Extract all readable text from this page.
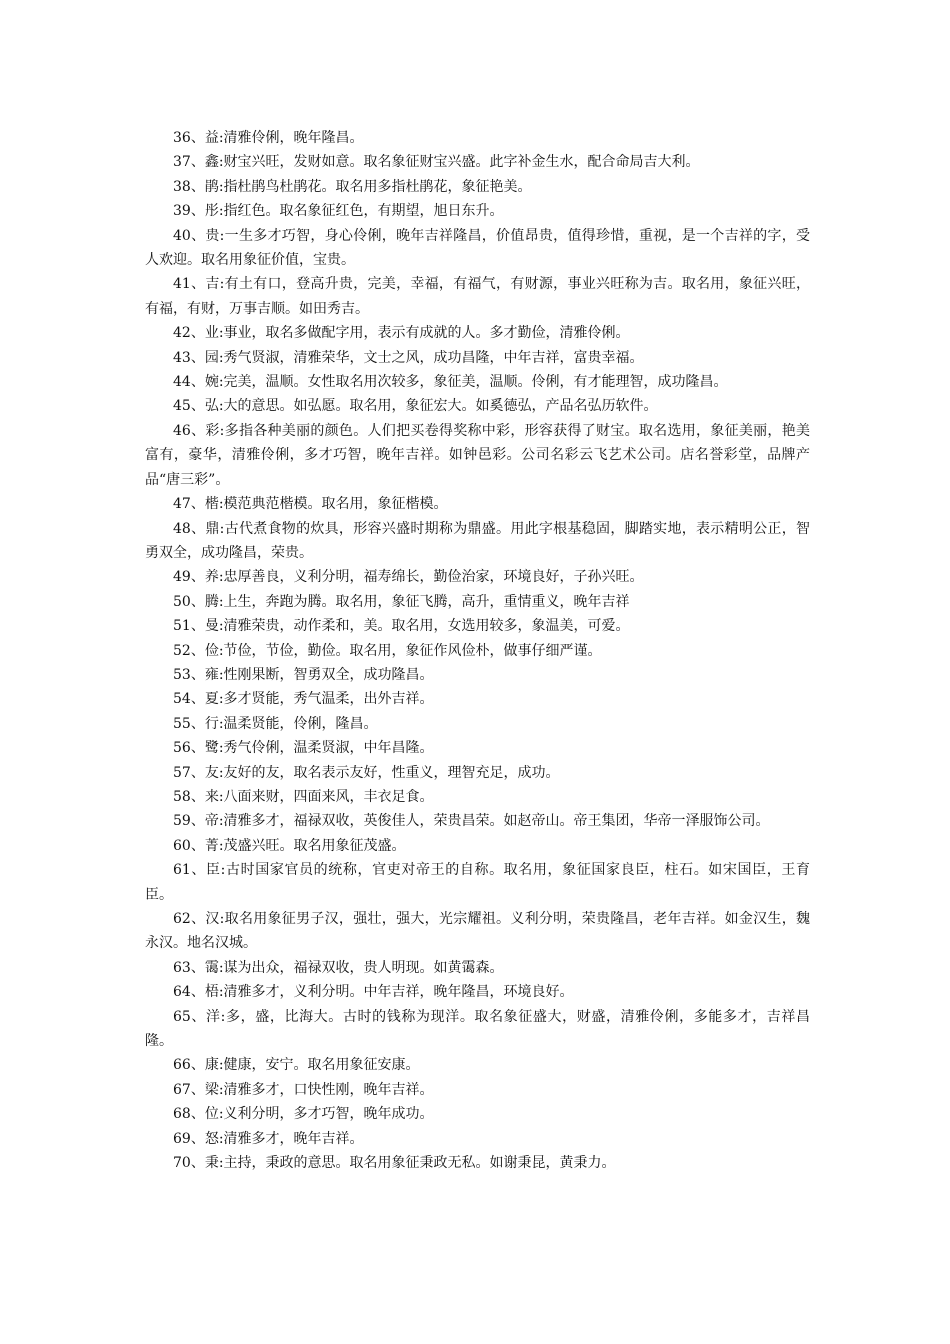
36、益:清雅伶俐，晚年隆昌。

37、鑫:财宝兴旺，发财如意。取名象征财宝兴盛。此字补金生水，配合命局吉大利。

38、鹃:指杜鹃鸟杜鹃花。取名用多指杜鹃花，象征艳美。

39、彤:指红色。取名象征红色，有期望，旭日东升。

40、贵:一生多才巧智，身心伶俐，晚年吉祥隆昌，价值昂贵，值得珍惜，重视，是一个吉祥的字，受人欢迎。取名用象征价值，宝贵。

41、吉:有土有口，登高升贵，完美，幸福，有福气，有财源，事业兴旺称为吉。取名用，象征兴旺，有福，有财，万事吉顺。如田秀吉。

42、业:事业，取名多做配字用，表示有成就的人。多才勤俭，清雅伶俐。

43、园:秀气贤淑，清雅荣华，文士之风，成功昌隆，中年吉祥，富贵幸福。

44、婉:完美，温顺。女性取名用次较多，象征美，温顺。伶俐，有才能理智，成功隆昌。

45、弘:大的意思。如弘愿。取名用，象征宏大。如奚德弘，产品名弘历软件。

46、彩:多指各种美丽的颜色。人们把买卷得奖称中彩，形容获得了财宝。取名选用，象征美丽，艳美富有，豪华，清雅伶俐，多才巧智，晚年吉祥。如钟邑彩。公司名彩云飞艺术公司。店名誉彩堂，品牌产品“唐三彩”。

47、楷:模范典范楷模。取名用，象征楷模。

48、鼎:古代煮食物的炊具，形容兴盛时期称为鼎盛。用此字根基稳固，脚踏实地，表示精明公正，智勇双全，成功隆昌，荣贵。

49、养:忠厚善良，义利分明，福寿绵长，勤俭治家，环境良好，子孙兴旺。

50、腾:上生，奔跑为腾。取名用，象征飞腾，高升，重情重义，晚年吉祥

51、曼:清雅荣贵，动作柔和，美。取名用，女选用较多，象温美，可爱。

52、俭:节俭，节俭，勤俭。取名用，象征作风俭朴，做事仔细严谨。

53、雍:性刚果断，智勇双全，成功隆昌。

54、夏:多才贤能，秀气温柔，出外吉祥。

55、行:温柔贤能，伶俐，隆昌。

56、鹭:秀气伶俐，温柔贤淑，中年昌隆。

57、友:友好的友，取名表示友好，性重义，理智充足，成功。

58、来:八面来财，四面来风，丰衣足食。

59、帝:清雅多才，福禄双收，英俊佳人，荣贵昌荣。如赵帝山。帝王集团，华帝一泽服饰公司。

60、菁:茂盛兴旺。取名用象征茂盛。

61、臣:古时国家官员的统称，官吏对帝王的自称。取名用，象征国家良臣，柱石。如宋国臣，王育臣。

62、汉:取名用象征男子汉，强壮，强大，光宗耀祖。义利分明，荣贵隆昌，老年吉祥。如金汉生，魏永汉。地名汉城。

63、霭:谋为出众，福禄双收，贵人明现。如黄霭森。

64、梧:清雅多才，义利分明。中年吉祥，晚年隆昌，环境良好。

65、洋:多，盛，比海大。古时的钱称为现洋。取名象征盛大，财盛，清雅伶俐，多能多才，吉祥昌隆。

66、康:健康，安宁。取名用象征安康。

67、梁:清雅多才，口快性刚，晚年吉祥。

68、位:义利分明，多才巧智，晚年成功。

69、怒:清雅多才，晚年吉祥。

70、秉:主持，秉政的意思。取名用象征秉政无私。如谢秉昆，黄秉力。
